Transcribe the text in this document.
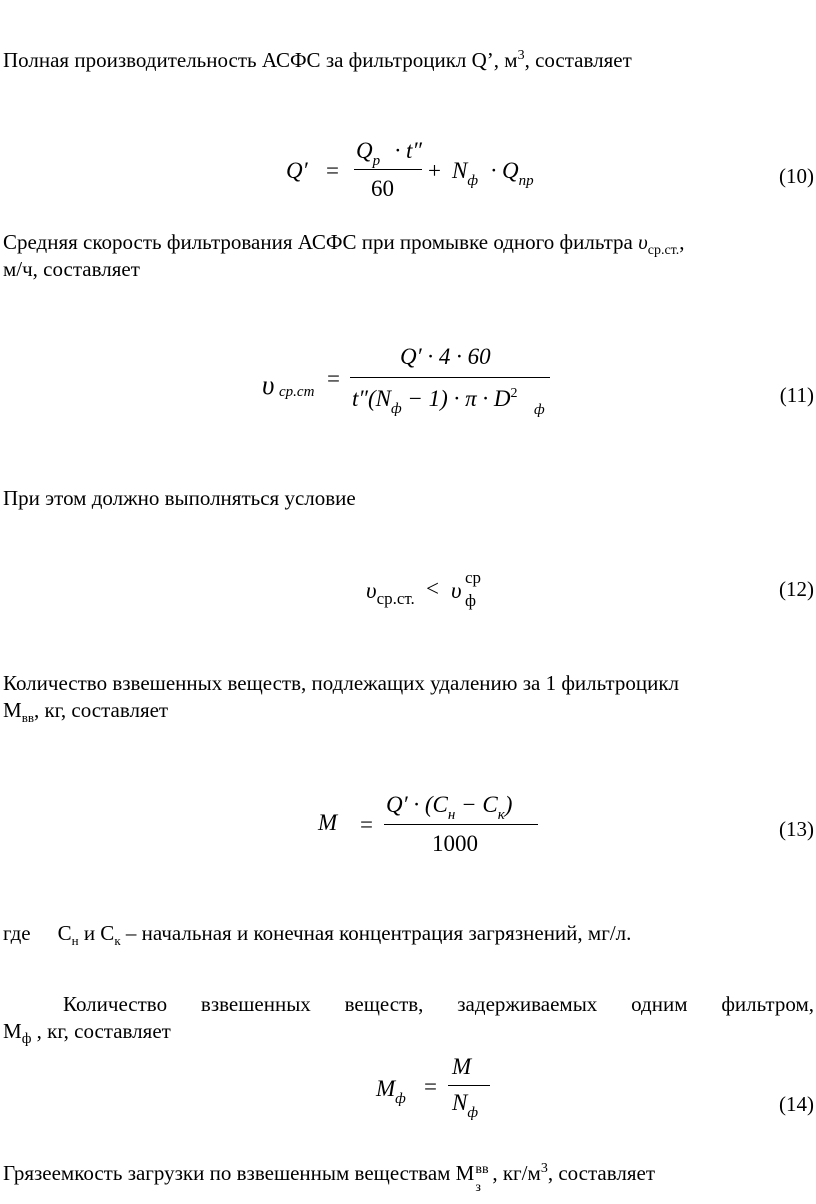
Полная производительность АСФС за фильтроцикл Q’, $м^3$, составляет
Q′ =
$Q_р \cdot t''$
60
+ $N_ф \cdot Q_{пр}$	(10)
Средняя скорость фильтрования АСФС при промывке одного фильтра $\upsilon_{ср.ст.}$,
м/ч, составляет
υ ср.ст
=
Q′ · 4 · 60
$t''(N_ф - 1) \cdot \pi \cdot D^2$
ф
(11)
При этом должно выполняться условие
$\upsilon_{ср.ст.} < \upsilon$
ср
ф	(12)
Количество взвешенных веществ, подлежащих удалению за 1 фильтроцикл
$М_{вв}$, кг, составляет
M =
$Q' \cdot (C_н - C_к)$
1000
(13)
где $С_н$ и $С_к$ – начальная и конечная концентрация загрязнений, мг/л.
Количество взвешенных веществ, задерживаемых одним фильтром,
$М_ф$ , кг, составляет
$M_ф$ =
M
$N_ф$	(14)
Грязеемкость загрузки по взвешенным веществам М вв
з
, $кг/м^3$, составляет
